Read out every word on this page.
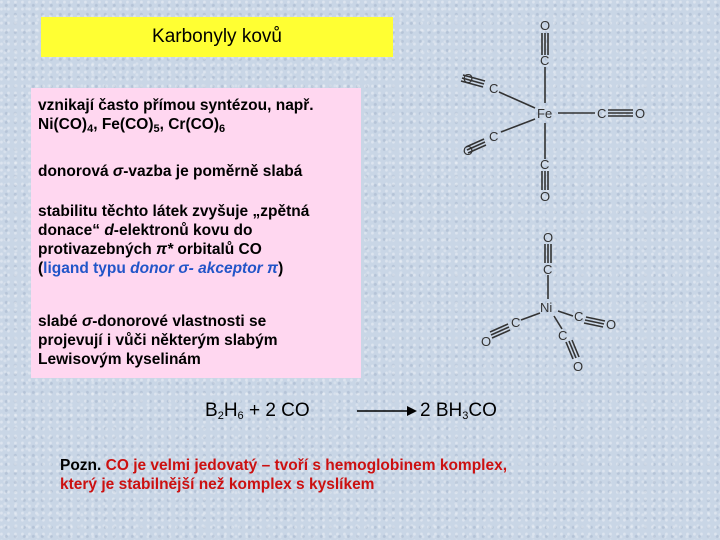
Karbonyly kovů
vznikají často přímou syntézou, např.
$Ni(CO)_4$, $Fe(CO)_5$, $Cr(CO)_6$
donorová σ-vazba je poměrně slabá
stabilitu těchto látek zvyšuje „zpětná
donace“ d-elektronů kovu do
protivazebných π* orbitalů CO
(ligand typu donor σ- akceptor π)
slabé σ-donorové vlastnosti se
projevují i vůči některým slabým
Lewisovým kyselinám
$B_2H_6 + 2$ CO	→ 2 $BH_3CO$
Pozn. CO je velmi jedovatý – tvoří s hemoglobinem komplex,
který je stabilnější než komplex s kyslíkem
O
C
O
C
Fe	C O
O
C
C
O
O
C
Ni
O
C	C
O
C
O
